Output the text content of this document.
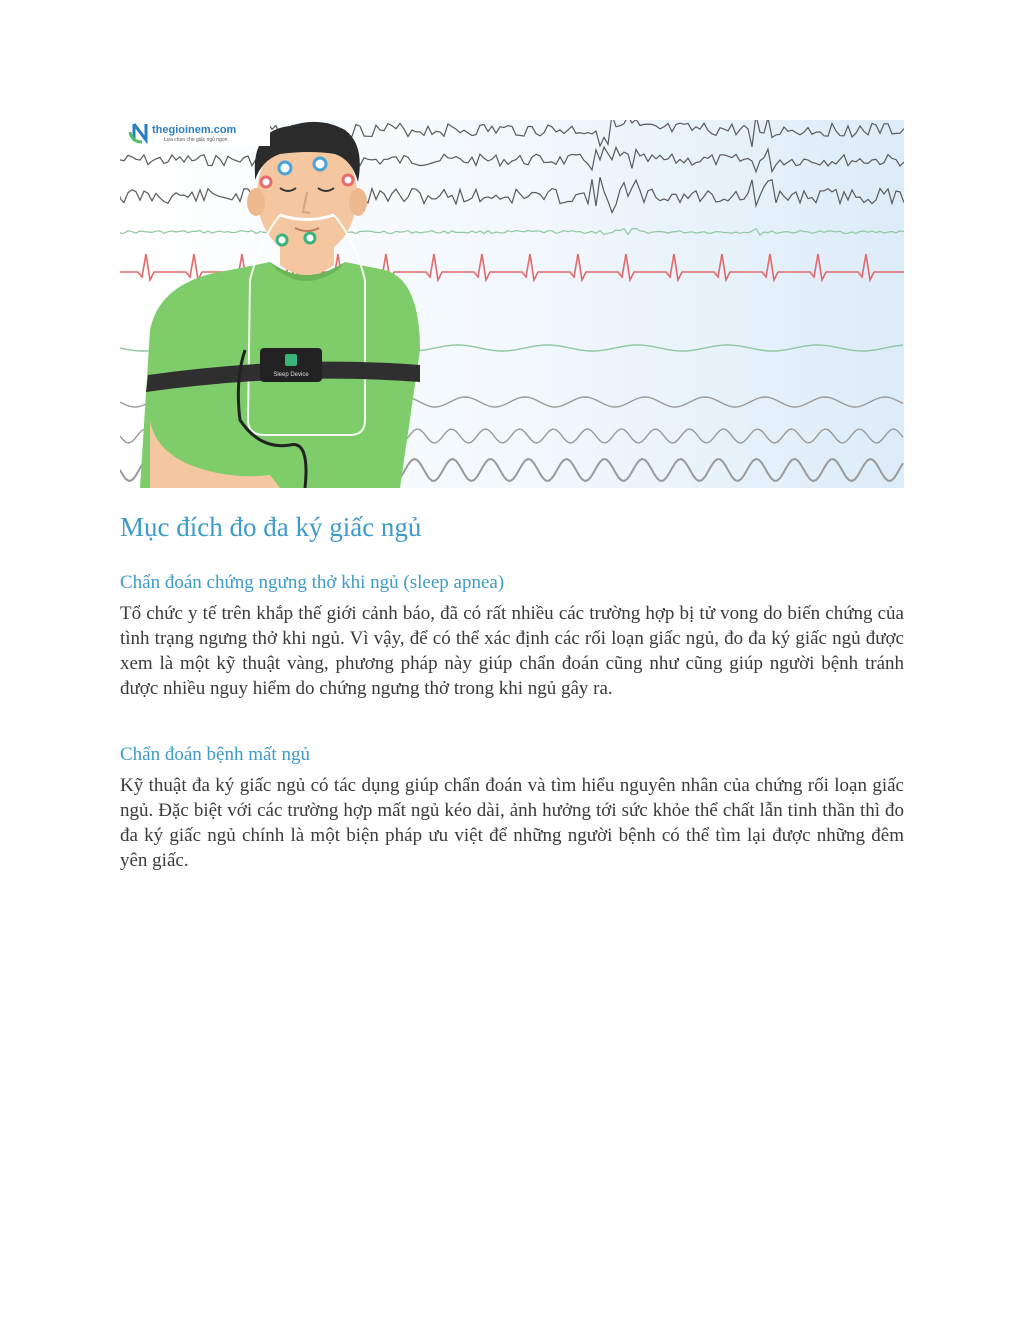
Sleep Device
thegioinem.com
Lựa chọn cho giấc ngủ ngon
Mục đích đo đa ký giấc ngủ
Chẩn đoán chứng ngưng thở khi ngủ (sleep apnea)

Tổ chức y tế trên khắp thế giới cảnh báo, đã có rất nhiều các trường hợp bị tử vong do biến chứng của tình trạng ngưng thở khi ngủ. Vì vậy, để có thể xác định các rối loạn giấc ngủ, đo đa ký giấc ngủ được xem là một kỹ thuật vàng, phương pháp này giúp chẩn đoán cũng như cũng giúp người bệnh tránh được nhiều nguy hiểm do chứng ngưng thở trong khi ngủ gây ra.

Chẩn đoán bệnh mất ngủ

Kỹ thuật đa ký giấc ngủ có tác dụng giúp chẩn đoán và tìm hiểu nguyên nhân của chứng rối loạn giấc ngủ. Đặc biệt với các trường hợp mất ngủ kéo dài, ảnh hưởng tới sức khỏe thể chất lẫn tinh thần thì đo đa ký giấc ngủ chính là một biện pháp ưu việt để những người bệnh có thể tìm lại được những đêm yên giấc.
